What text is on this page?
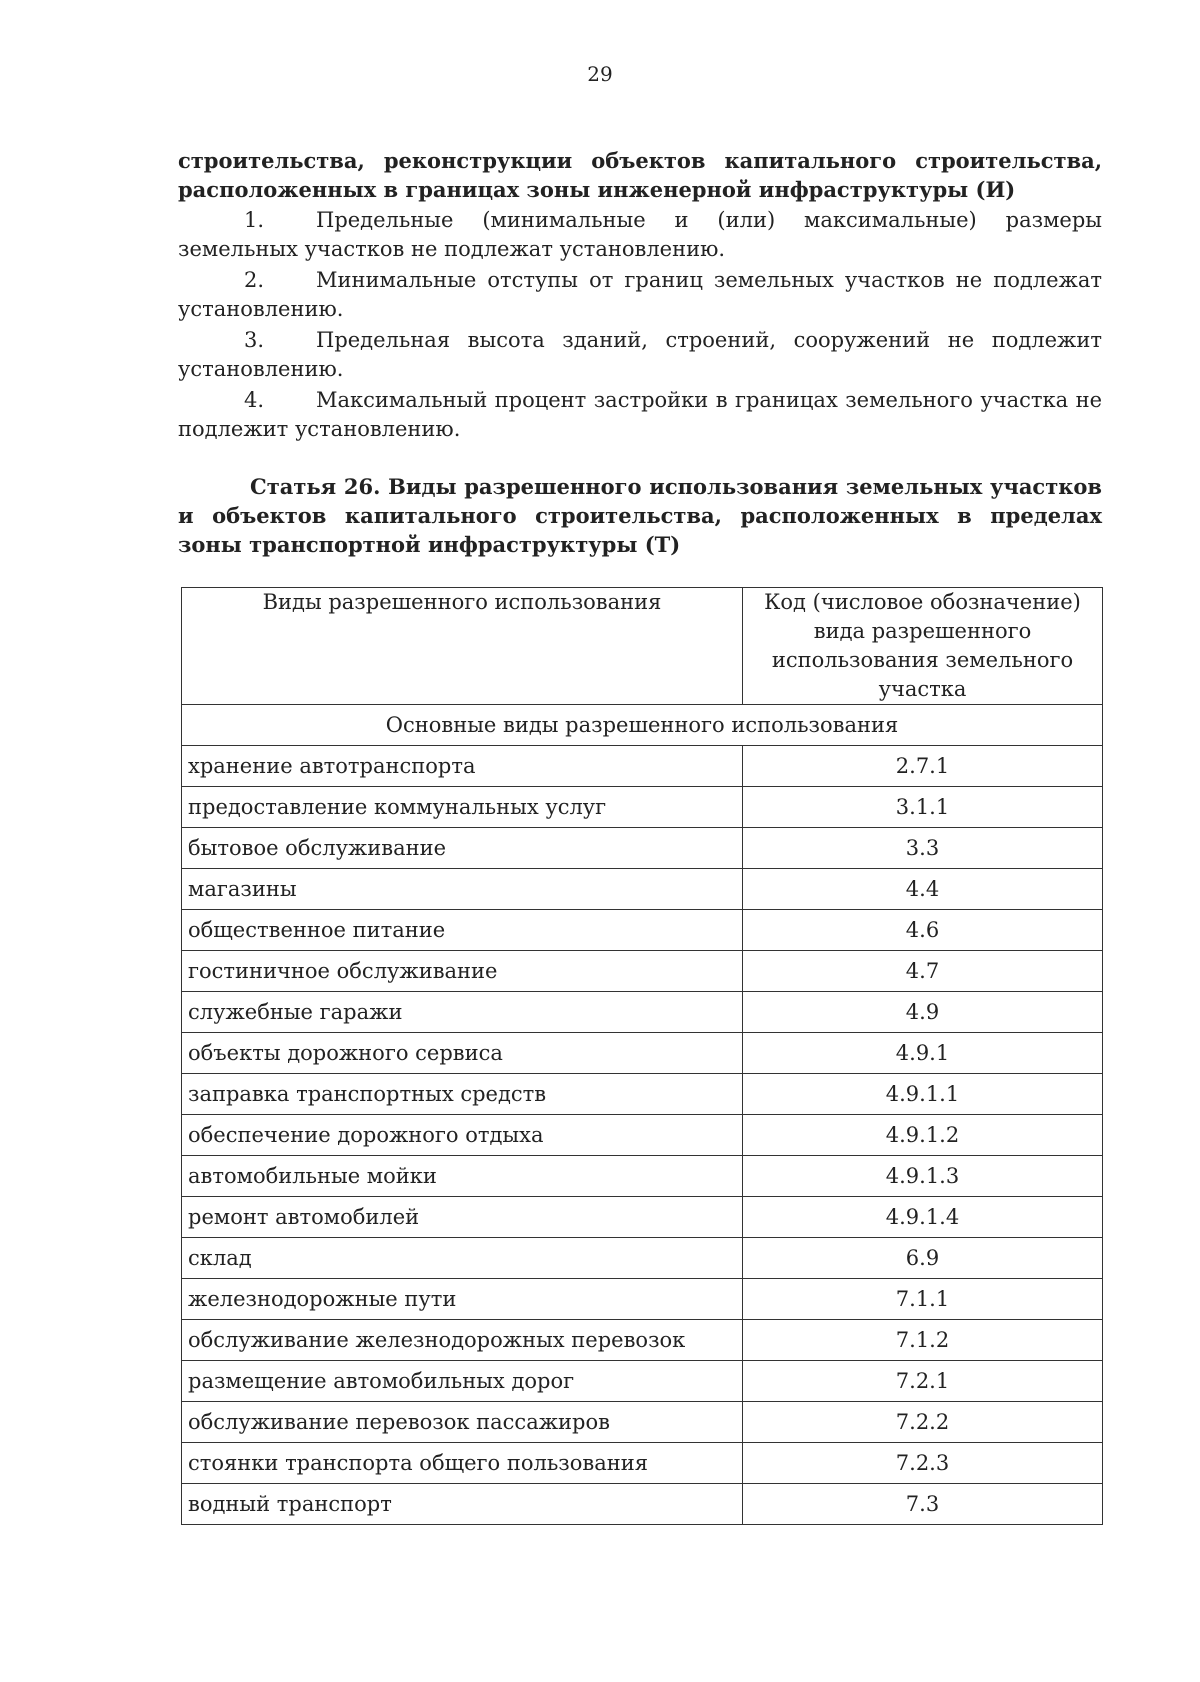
29
строительства, реконструкции объектов капитального строительства, расположенных в границах зоны инженерной инфраструктуры (И)

1. Предельные (минимальные и (или) максимальные) размеры земельных участков не подлежат установлению.

2. Минимальные отступы от границ земельных участков не подлежат установлению.

3. Предельная высота зданий, строений, сооружений не подлежит установлению.

4. Максимальный процент застройки в границах земельного участка не подлежит установлению.

Статья 26. Виды разрешенного использования земельных участков и объектов капитального строительства, расположенных в пределах зоны транспортной инфраструктуры (Т)
Виды разрешенного использования	Код (числовое обозначение) вида разрешенного использования земельного участка
Основные виды разрешенного использования	
хранение автотранспорта	2.7.1
предоставление коммунальных услуг	3.1.1
бытовое обслуживание	3.3
магазины	4.4
общественное питание	4.6
гостиничное обслуживание	4.7
служебные гаражи	4.9
объекты дорожного сервиса	4.9.1
заправка транспортных средств	4.9.1.1
обеспечение дорожного отдыха	4.9.1.2
автомобильные мойки	4.9.1.3
ремонт автомобилей	4.9.1.4
склад	6.9
железнодорожные пути	7.1.1
обслуживание железнодорожных перевозок	7.1.2
размещение автомобильных дорог	7.2.1
обслуживание перевозок пассажиров	7.2.2
стоянки транспорта общего пользования	7.2.3
водный транспорт	7.3
